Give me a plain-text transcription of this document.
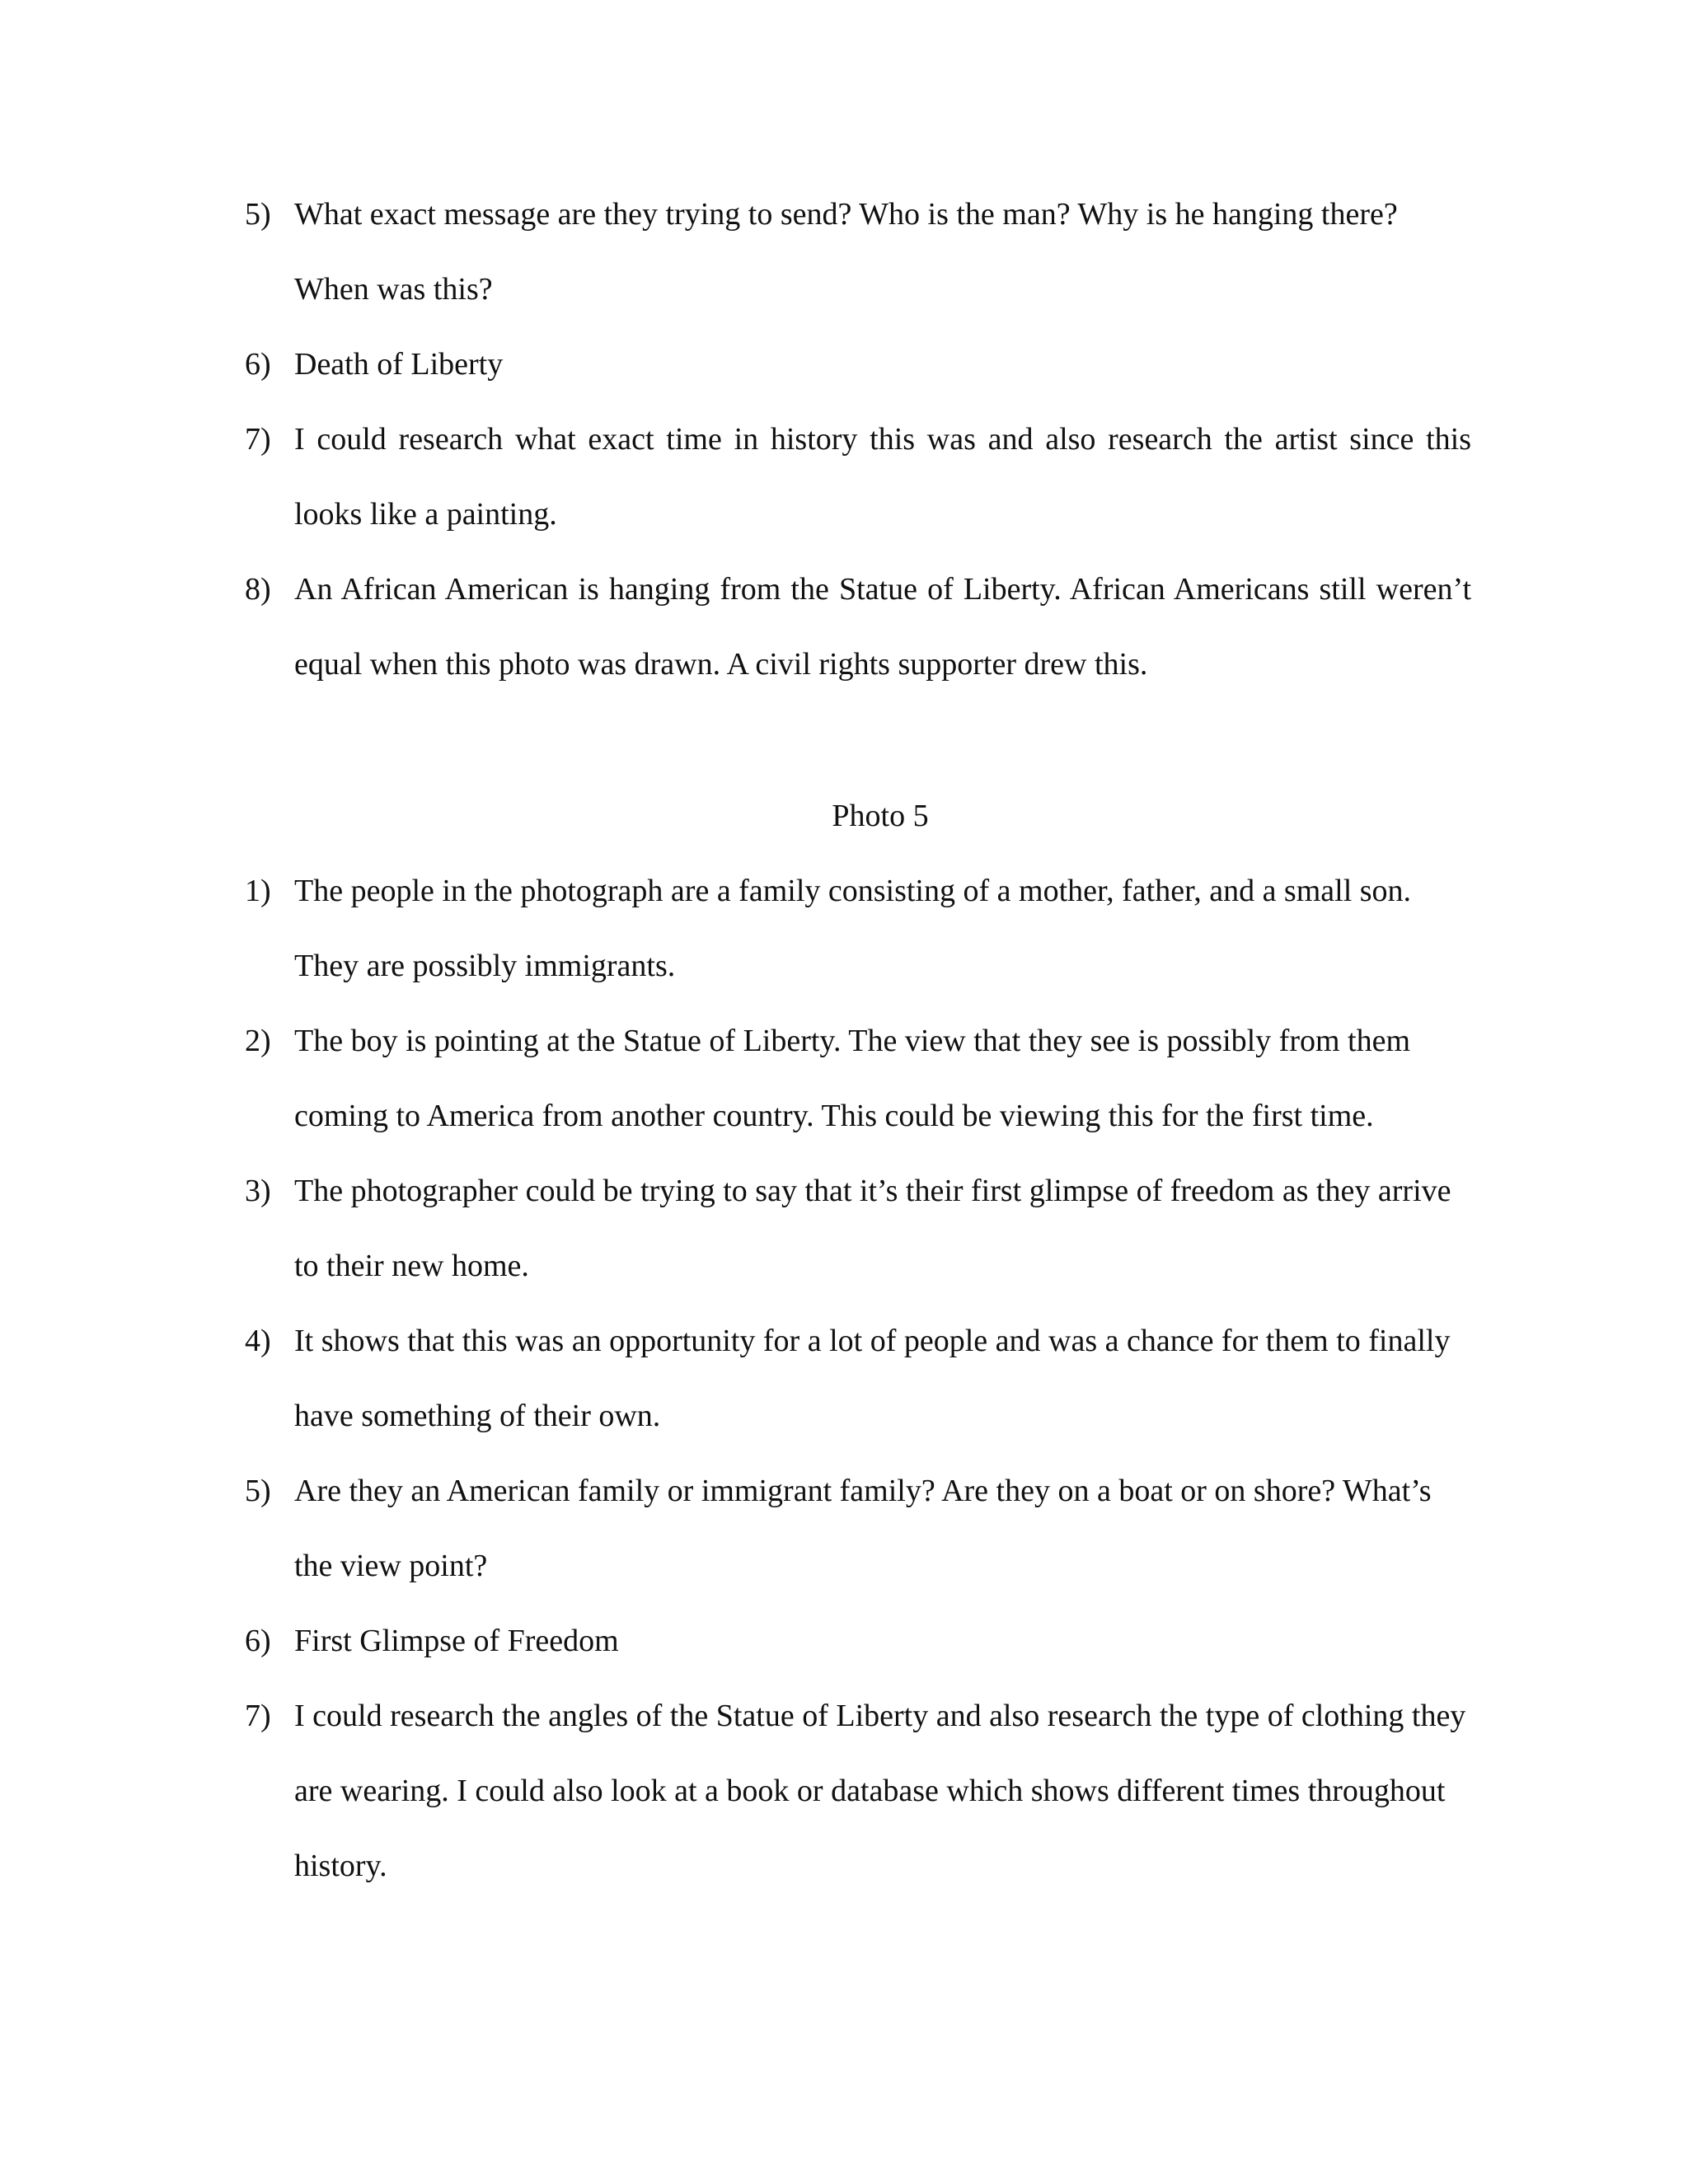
5) What exact message are they trying to send? Who is the man? Why is he hanging there? When was this?
6) Death of Liberty
7) I could research what exact time in history this was and also research the artist since this looks like a painting.
8) An African American is hanging from the Statue of Liberty. African Americans still weren’t equal when this photo was drawn. A civil rights supporter drew this.
Photo 5
1) The people in the photograph are a family consisting of a mother, father, and a small son. They are possibly immigrants.
2) The boy is pointing at the Statue of Liberty. The view that they see is possibly from them coming to America from another country. This could be viewing this for the first time.
3) The photographer could be trying to say that it’s their first glimpse of freedom as they arrive to their new home.
4) It shows that this was an opportunity for a lot of people and was a chance for them to finally have something of their own.
5) Are they an American family or immigrant family? Are they on a boat or on shore? What’s the view point?
6) First Glimpse of Freedom
7) I could research the angles of the Statue of Liberty and also research the type of clothing they are wearing. I could also look at a book or database which shows different times throughout history.
